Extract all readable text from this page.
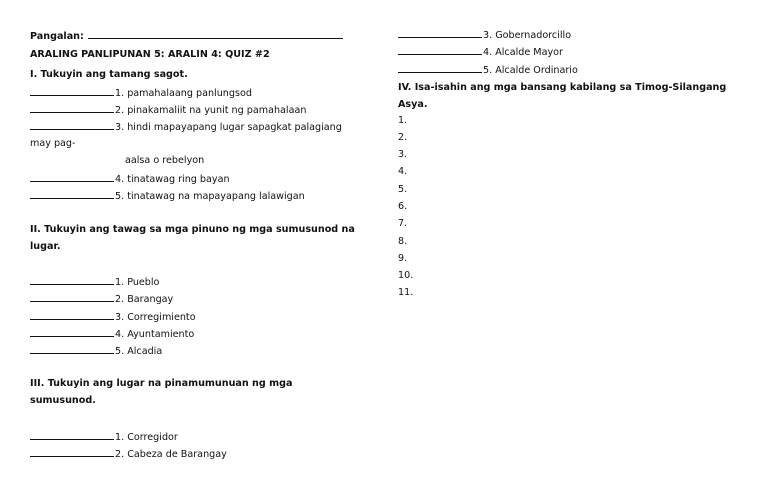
Pangalan:
ARALING PANLIPUNAN 5: ARALIN 4: QUIZ #2
I. Tukuyin ang tamang sagot.
1. pamahalaang panlungsod
2. pinakamaliit na yunit ng pamahalaan
3. hindi mapayapang lugar sapagkat palagiang
may pag-
aalsa o rebelyon
4. tinatawag ring bayan
5. tinatawag na mapayapang lalawigan
II. Tukuyin ang tawag sa mga pinuno ng mga sumusunod na lugar.
1. Pueblo
2. Barangay
3. Corregimiento
4. Ayuntamiento
5. Alcadia
III. Tukuyin ang lugar na pinamumunuan ng mga sumusunod.
1. Corregidor
2. Cabeza de Barangay
3. Gobernadorcillo
4. Alcalde Mayor
5. Alcalde Ordinario
IV. Isa-isahin ang mga bansang kabilang sa Timog-Silangang Asya.
1.
2.
3.
4.
5.
6.
7.
8.
9.
10.
11.
